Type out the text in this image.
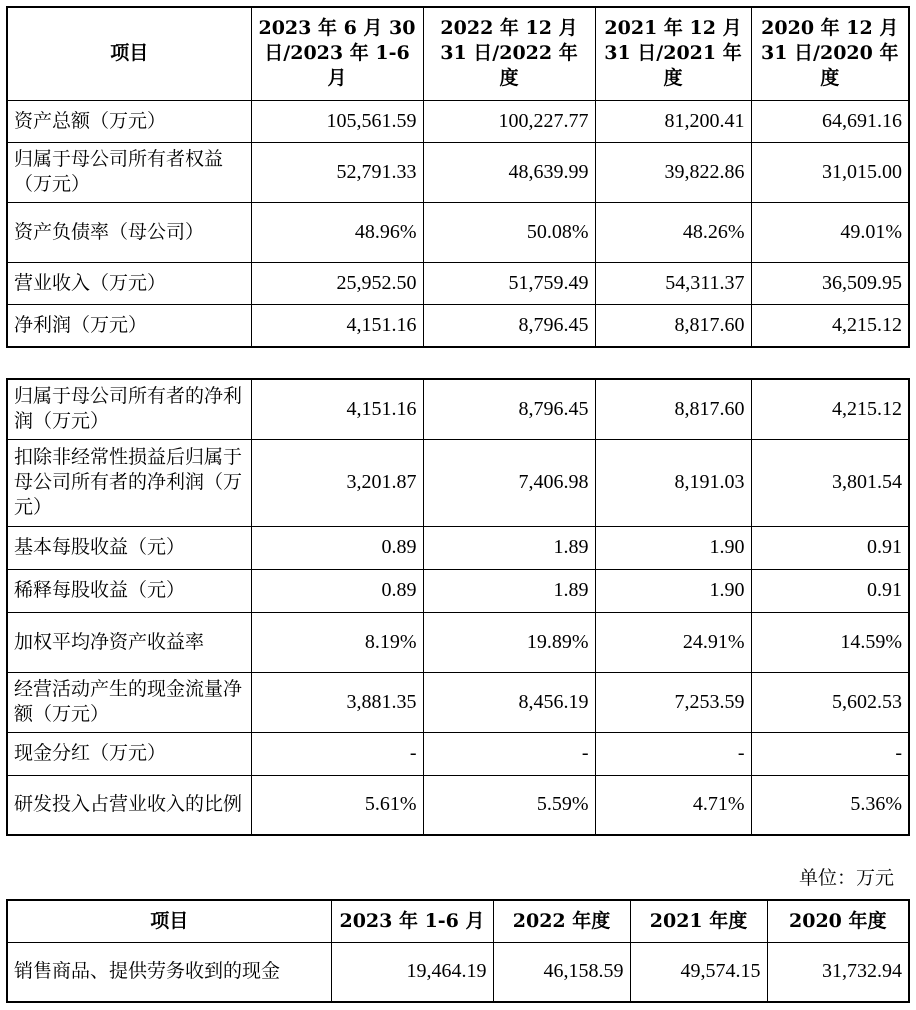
项目	2023 年 6 月 30
日/2023 年 1-6
月	2022 年 12 月
31 日/2022 年
度	2021 年 12 月
31 日/2021 年
度	2020 年 12 月
31 日/2020 年
度
资产总额（万元）	105,561.59	100,227.77	81,200.41	64,691.16
归属于母公司所有者权益（万元）	52,791.33	48,639.99	39,822.86	31,015.00
资产负债率（母公司）	48.96%	50.08%	48.26%	49.01%
营业收入（万元）	25,952.50	51,759.49	54,311.37	36,509.95
净利润（万元）	4,151.16	8,796.45	8,817.60	4,215.12
归属于母公司所有者的净利润（万元）	4,151.16	8,796.45	8,817.60	4,215.12
扣除非经常性损益后归属于母公司所有者的净利润（万元）	3,201.87	7,406.98	8,191.03	3,801.54
基本每股收益（元）	0.89	1.89	1.90	0.91
稀释每股收益（元）	0.89	1.89	1.90	0.91
加权平均净资产收益率	8.19%	19.89%	24.91%	14.59%
经营活动产生的现金流量净额（万元）	3,881.35	8,456.19	7,253.59	5,602.53
现金分红（万元）	-	-	-	-
研发投入占营业收入的比例	5.61%	5.59%	4.71%	5.36%
单位：万元
项目	2023 年 1-6 月	2022 年度	2021 年度	2020 年度
销售商品、提供劳务收到的现金	19,464.19	46,158.59	49,574.15	31,732.94
